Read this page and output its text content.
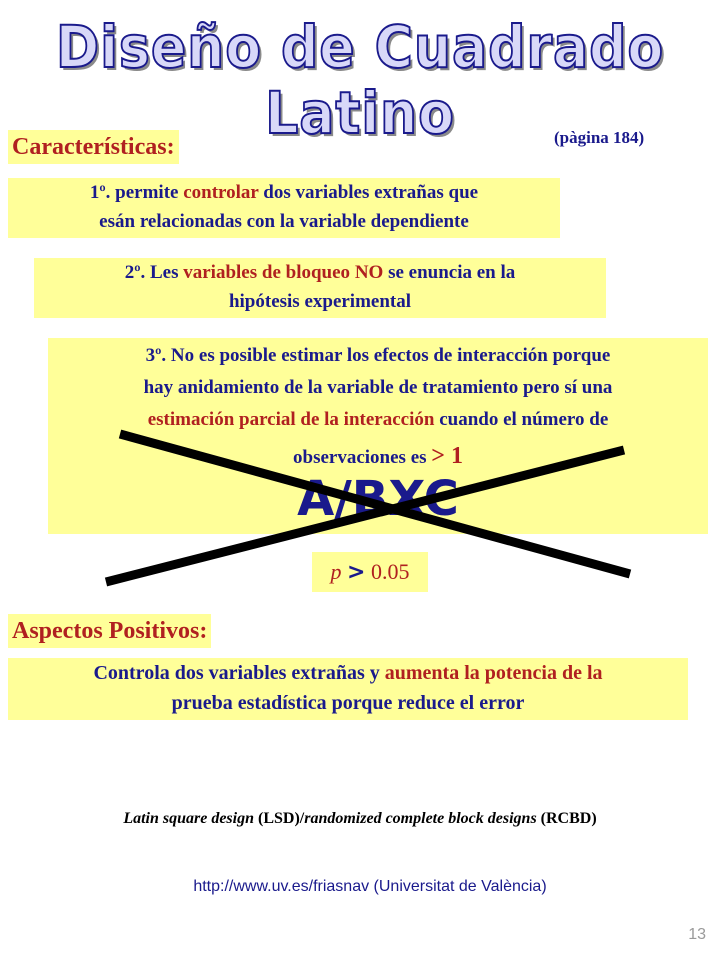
Diseño de Cuadrado Latino
Características:	(pàgina 184)
1º. permite controlar dos variables extrañas que
esán relacionadas con la variable dependiente
2º. Les variables de bloqueo NO se enuncia en la
hipótesis experimental
3º. No es posible estimar los efectos de interacción porque
hay anidamiento de la variable de tratamiento pero sí una
estimación parcial de la interacción cuando el número de
observaciones es > 1
A/BXC
p > 0.05
Aspectos Positivos:
Controla dos variables extrañas y aumenta la potencia de la
prueba estadística porque reduce el error
Latin square design (LSD)/randomized complete block designs (RCBD)
http://www.uv.es/friasnav (Universitat de València)
13
